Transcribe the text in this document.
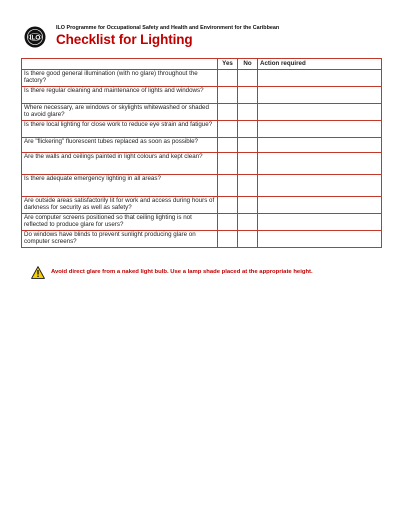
ILO
ILO Programme for Occupational Safety and Health and Environment for the Caribbean
Checklist for Lighting
	Yes	No	Action required
Is there good general illumination (with no glare) throughout the factory?			
Is there regular cleaning and maintenance of lights and windows?			
Where necessary, are windows or skylights whitewashed or shaded to avoid glare?			
Is there local lighting for close work to reduce eye strain and fatigue?			
Are "flickering" fluorescent tubes replaced as soon as possible?			
Are the walls and ceilings painted in light colours and kept clean?			
Is there adequate emergency lighting in all areas?			
Are outside areas satisfactorily lit for work and access during hours of darkness for security as well as safety?			
Are computer screens positioned so that ceiling lighting is not reflected to produce glare for users?			
Do windows have blinds to prevent sunlight producing glare on computer screens?			
Avoid direct glare from a naked light bulb. Use a lamp shade placed at the appropriate height.
